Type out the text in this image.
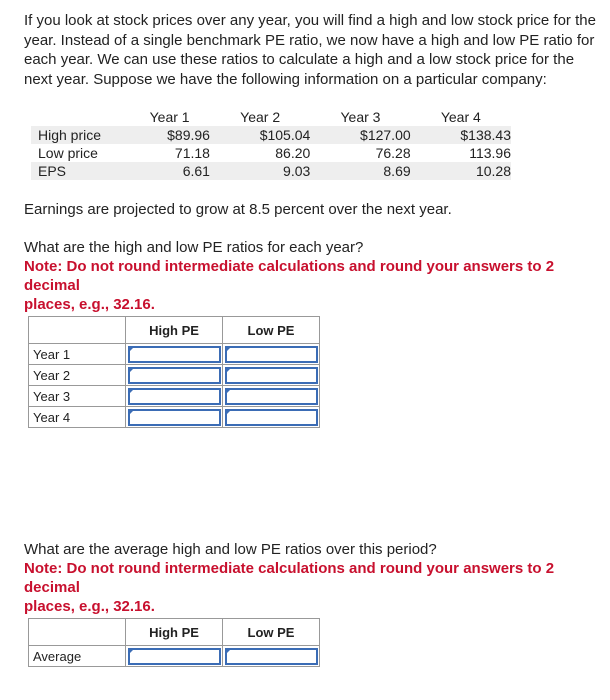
If you look at stock prices over any year, you will find a high and low stock price for the
year. Instead of a single benchmark PE ratio, we now have a high and low PE ratio for
each year. We can use these ratios to calculate a high and a low stock price for the
next year. Suppose we have the following information on a particular company:

	Year 1	Year 2	Year 3	Year 4
High price	$89.96	$105.04	$127.00	$138.43
Low price	71.18	86.20	76.28	113.96
EPS	6.61	9.03	8.69	10.28

Earnings are projected to grow at 8.5 percent over the next year.

What are the high and low PE ratios for each year?

Note: Do not round intermediate calculations and round your answers to 2 decimal
places, e.g., 32.16.

	High PE	Low PE
Year 1	

Year 2	

Year 3	

Year 4	

What are the average high and low PE ratios over this period?

Note: Do not round intermediate calculations and round your answers to 2 decimal
places, e.g., 32.16.

	High PE	Low PE
Average	
